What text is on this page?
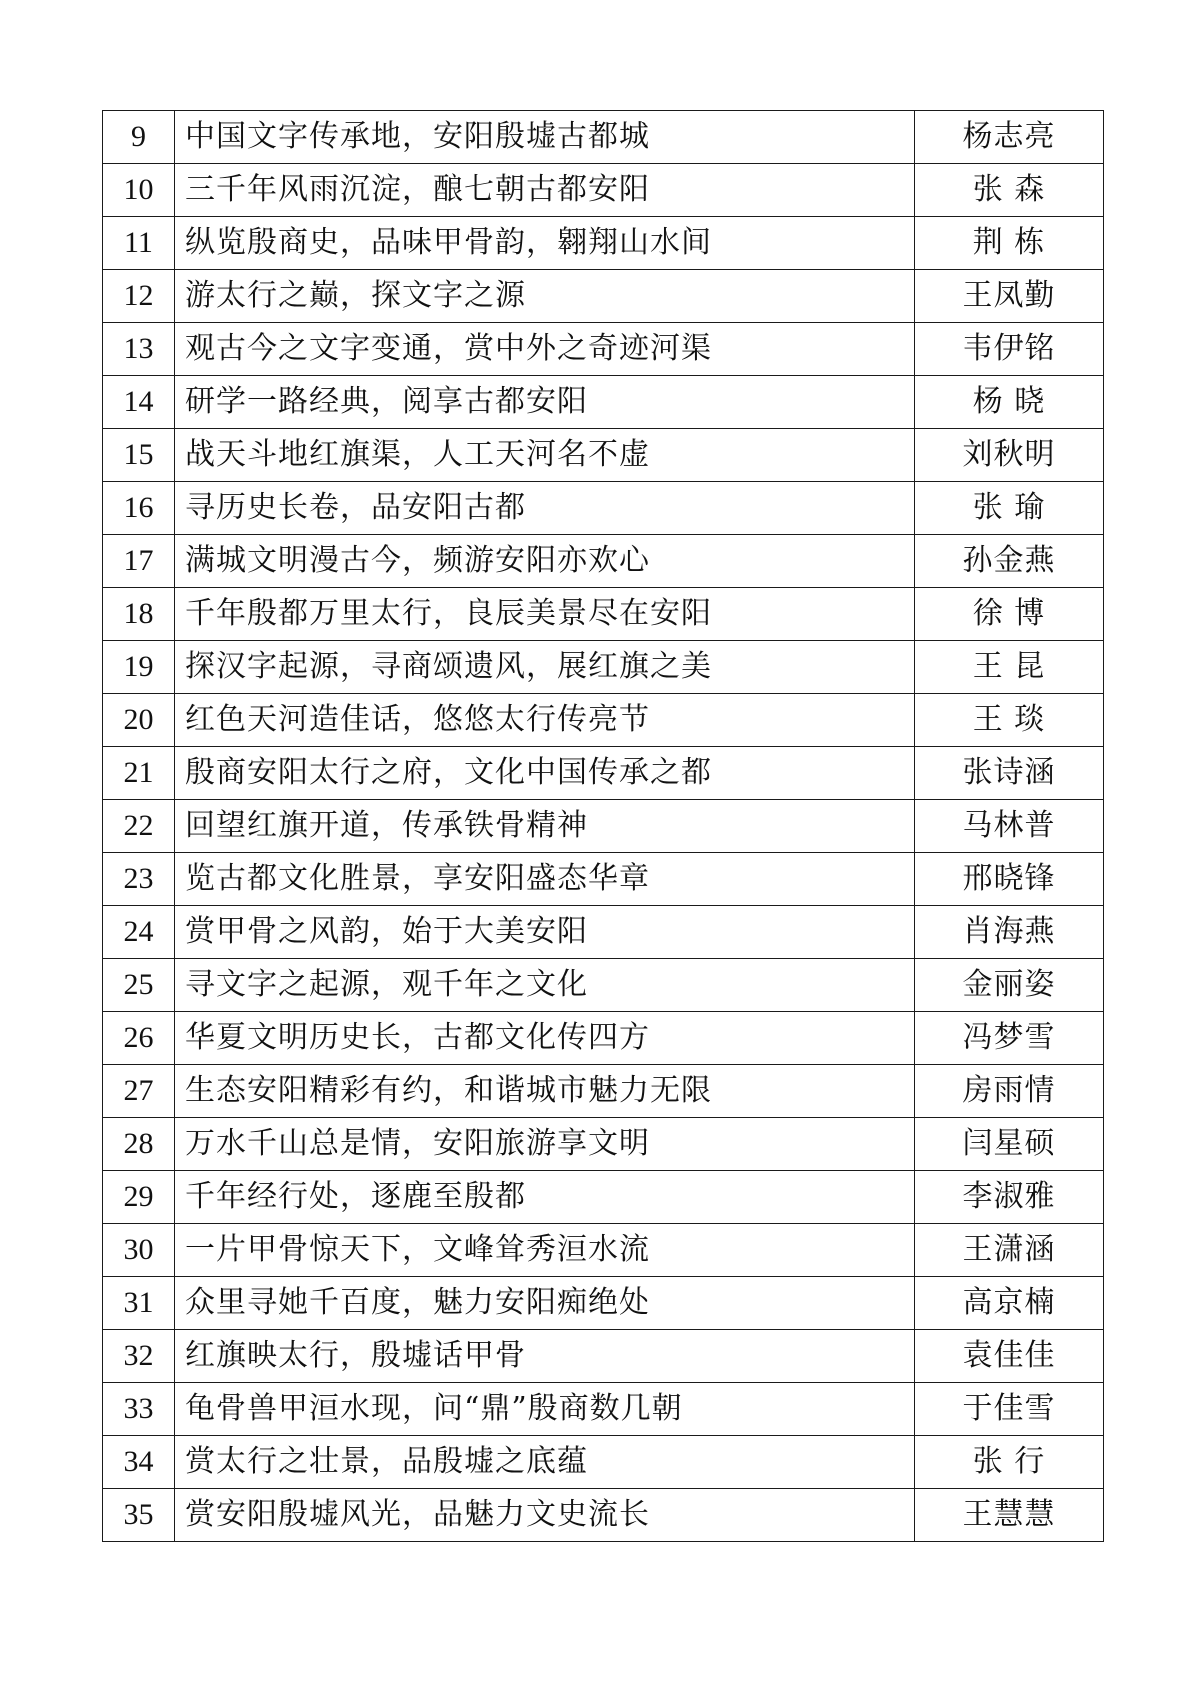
9	中国文字传承地，安阳殷墟古都城	杨志亮
10	三千年风雨沉淀，酿七朝古都安阳	张 森
11	纵览殷商史，品味甲骨韵，翱翔山水间	荆 栋
12	游太行之巅，探文字之源	王凤勤
13	观古今之文字变通，赏中外之奇迹河渠	韦伊铭
14	研学一路经典，阅享古都安阳	杨 晓
15	战天斗地红旗渠，人工天河名不虚	刘秋明
16	寻历史长卷，品安阳古都	张 瑜
17	满城文明漫古今，频游安阳亦欢心	孙金燕
18	千年殷都万里太行，良辰美景尽在安阳	徐 博
19	探汉字起源，寻商颂遗风，展红旗之美	王 昆
20	红色天河造佳话，悠悠太行传亮节	王 琰
21	殷商安阳太行之府，文化中国传承之都	张诗涵
22	回望红旗开道，传承铁骨精神	马林普
23	览古都文化胜景，享安阳盛态华章	邢晓锋
24	赏甲骨之风韵，始于大美安阳	肖海燕
25	寻文字之起源，观千年之文化	金丽姿
26	华夏文明历史长，古都文化传四方	冯梦雪
27	生态安阳精彩有约，和谐城市魅力无限	房雨情
28	万水千山总是情，安阳旅游享文明	闫星硕
29	千年经行处，逐鹿至殷都	李淑雅
30	一片甲骨惊天下，文峰耸秀洹水流	王潇涵
31	众里寻她千百度，魅力安阳痴绝处	高京楠
32	红旗映太行，殷墟话甲骨	袁佳佳
33	龟骨兽甲洹水现，问“鼎”殷商数几朝	于佳雪
34	赏太行之壮景，品殷墟之底蕴	张 行
35	赏安阳殷墟风光，品魅力文史流长	王慧慧
